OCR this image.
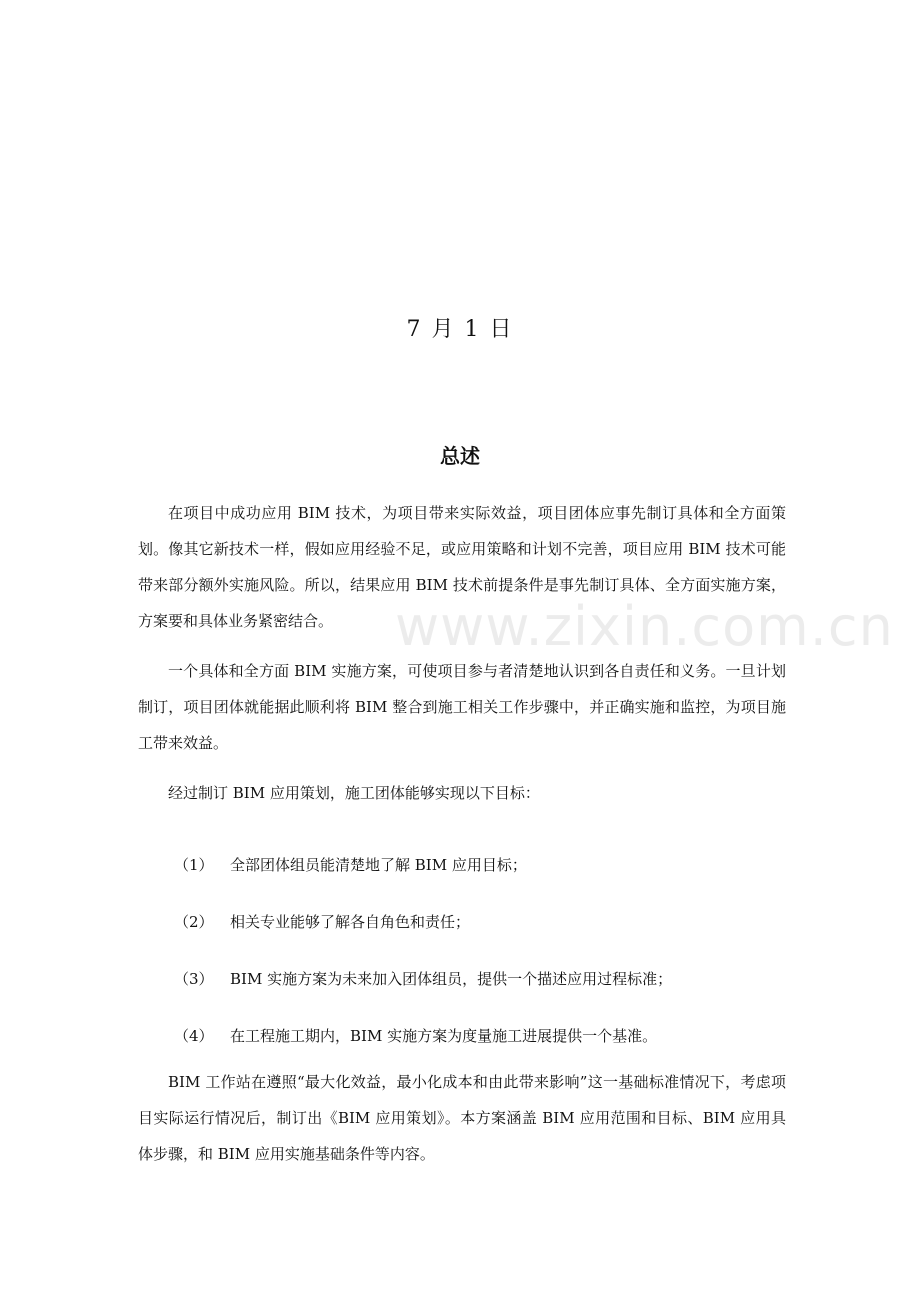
7 月 1 日
总述

在项目中成功应用 BIM 技术，为项目带来实际效益，项目团体应事先制订具体和全方面策划。像其它新技术一样，假如应用经验不足，或应用策略和计划不完善，项目应用 BIM 技术可能带来部分额外实施风险。所以，结果应用 BIM 技术前提条件是事先制订具体、全方面实施方案，方案要和具体业务紧密结合。

一个具体和全方面 BIM 实施方案，可使项目参与者清楚地认识到各自责任和义务。一旦计划制订，项目团体就能据此顺利将 BIM 整合到施工相关工作步骤中，并正确实施和监控，为项目施工带来效益。

经过制订 BIM 应用策划，施工团体能够实现以下目标：

（1） 全部团体组员能清楚地了解 BIM 应用目标；
（2） 相关专业能够了解各自角色和责任；
（3） BIM 实施方案为未来加入团体组员，提供一个描述应用过程标准；
（4） 在工程施工期内，BIM 实施方案为度量施工进展提供一个基准。

BIM 工作站在遵照“最大化效益，最小化成本和由此带来影响”这一基础标准情况下，考虑项目实际运行情况后，制订出《BIM 应用策划》。本方案涵盖 BIM 应用范围和目标、BIM 应用具体步骤，和 BIM 应用实施基础条件等内容。

www.zixin.com.cn
